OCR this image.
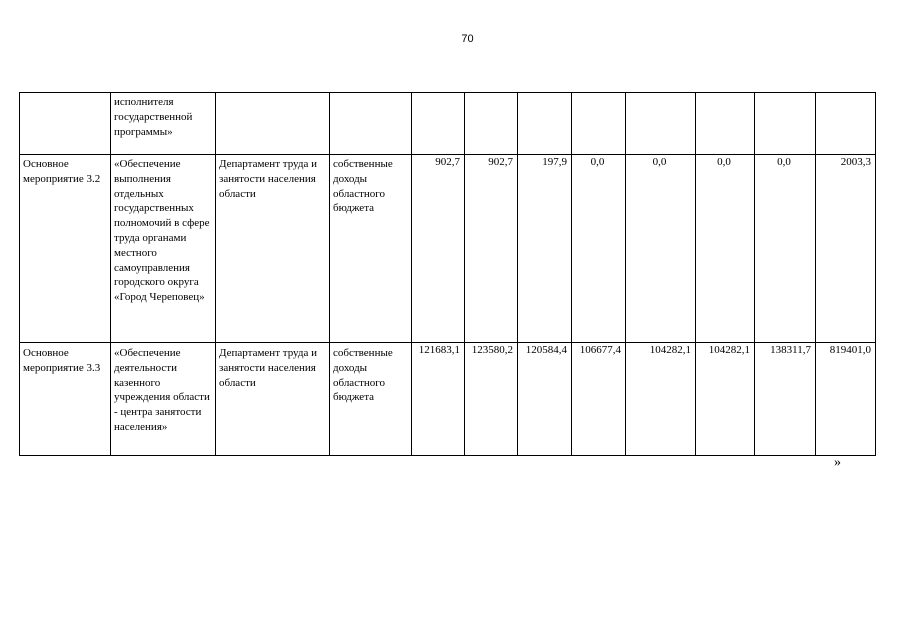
70
	исполнителя государственной программы»										
Основное мероприятие 3.2	«Обеспечение выполнения отдельных государственных полномочий в сфере труда органами местного самоуправления городского округа «Город Череповец»	Департамент труда и занятости населения области	собственные доходы областного бюджета	902,7	902,7	197,9	0,0	0,0	0,0	0,0	2003,3
Основное мероприятие 3.3	«Обеспечение деятельности казенного учреждения области - центра занятости населения»	Департамент труда и занятости населения области	собственные доходы областного бюджета	121683,1	123580,2	120584,4	106677,4	104282,1	104282,1	138311,7	819401,0
»
